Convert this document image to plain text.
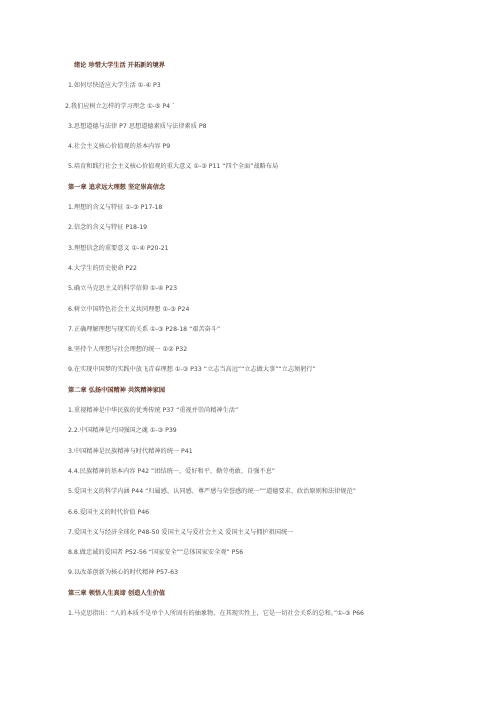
绪论 珍惜大学生活 开拓新的境界
1.如何尽快适应大学生活 ①-④ P3
2.我们应树立怎样的学习理念 ①-⑤ P4 `
3.思想道德与法律 P7 思想道德素质与法律素质 P8
4.社会主义核心价值观的基本内容 P9
5.培育和践行社会主义核心价值观的重大意义 ①-③ P11 “四个全面”战略布局
第一章 追求远大理想 坚定崇高信念
1.理想的含义与特征 ①-③ P17-18
2.信念的含义与特征 P18-19
3.理想信念的重要意义 ①-④ P20-21
4.大学生的历史使命 P22
5.确立马克思主义的科学信仰 ①-④ P23
6.树立中国特色社会主义共同理想 ①-③ P24
7.正确理解理想与现实的关系 ①-③ P28-18 “艰苦奋斗”
8.坚持个人理想与社会理想的统一 ①② P32
9.在实现中国梦的实践中放飞青春理想 ①-③ P33 “立志当高远”“立志做大事”“立志须躬行”
第二章 弘扬中国精神 共筑精神家园
1.重视精神是中华民族的优秀传统 P37 “重视并崇尚精神生活”
2.2.中国精神是兴国强国之魂 ①-③ P39
3.中国精神是民族精神与时代精神的统一 P41
4.4.民族精神的基本内容 P42 “团结统一、爱好和平、勤劳勇敢、自强不息”
5.爱国主义的科学内涵 P44 “归属感、认同感、尊严感与荣誉感的统一”“道德要求、政治原则和法律规范”
6.6.爱国主义的时代价值 P46
7.爱国主义与经济全球化 P48-50 爱国主义与爱社会主义 爱国主义与拥护祖国统一
8.8.做忠诚的爱国者 P52-56 “国家安全”“总体国家安全观” P56
9.以改革创新为核心的时代精神 P57-63
第三章 领悟人生真谛 创造人生价值
1.马克思指出：“人的本质不是单个人所固有的抽象物，在其现实性上，它是一切社会关系的总和。”①-③ P66
